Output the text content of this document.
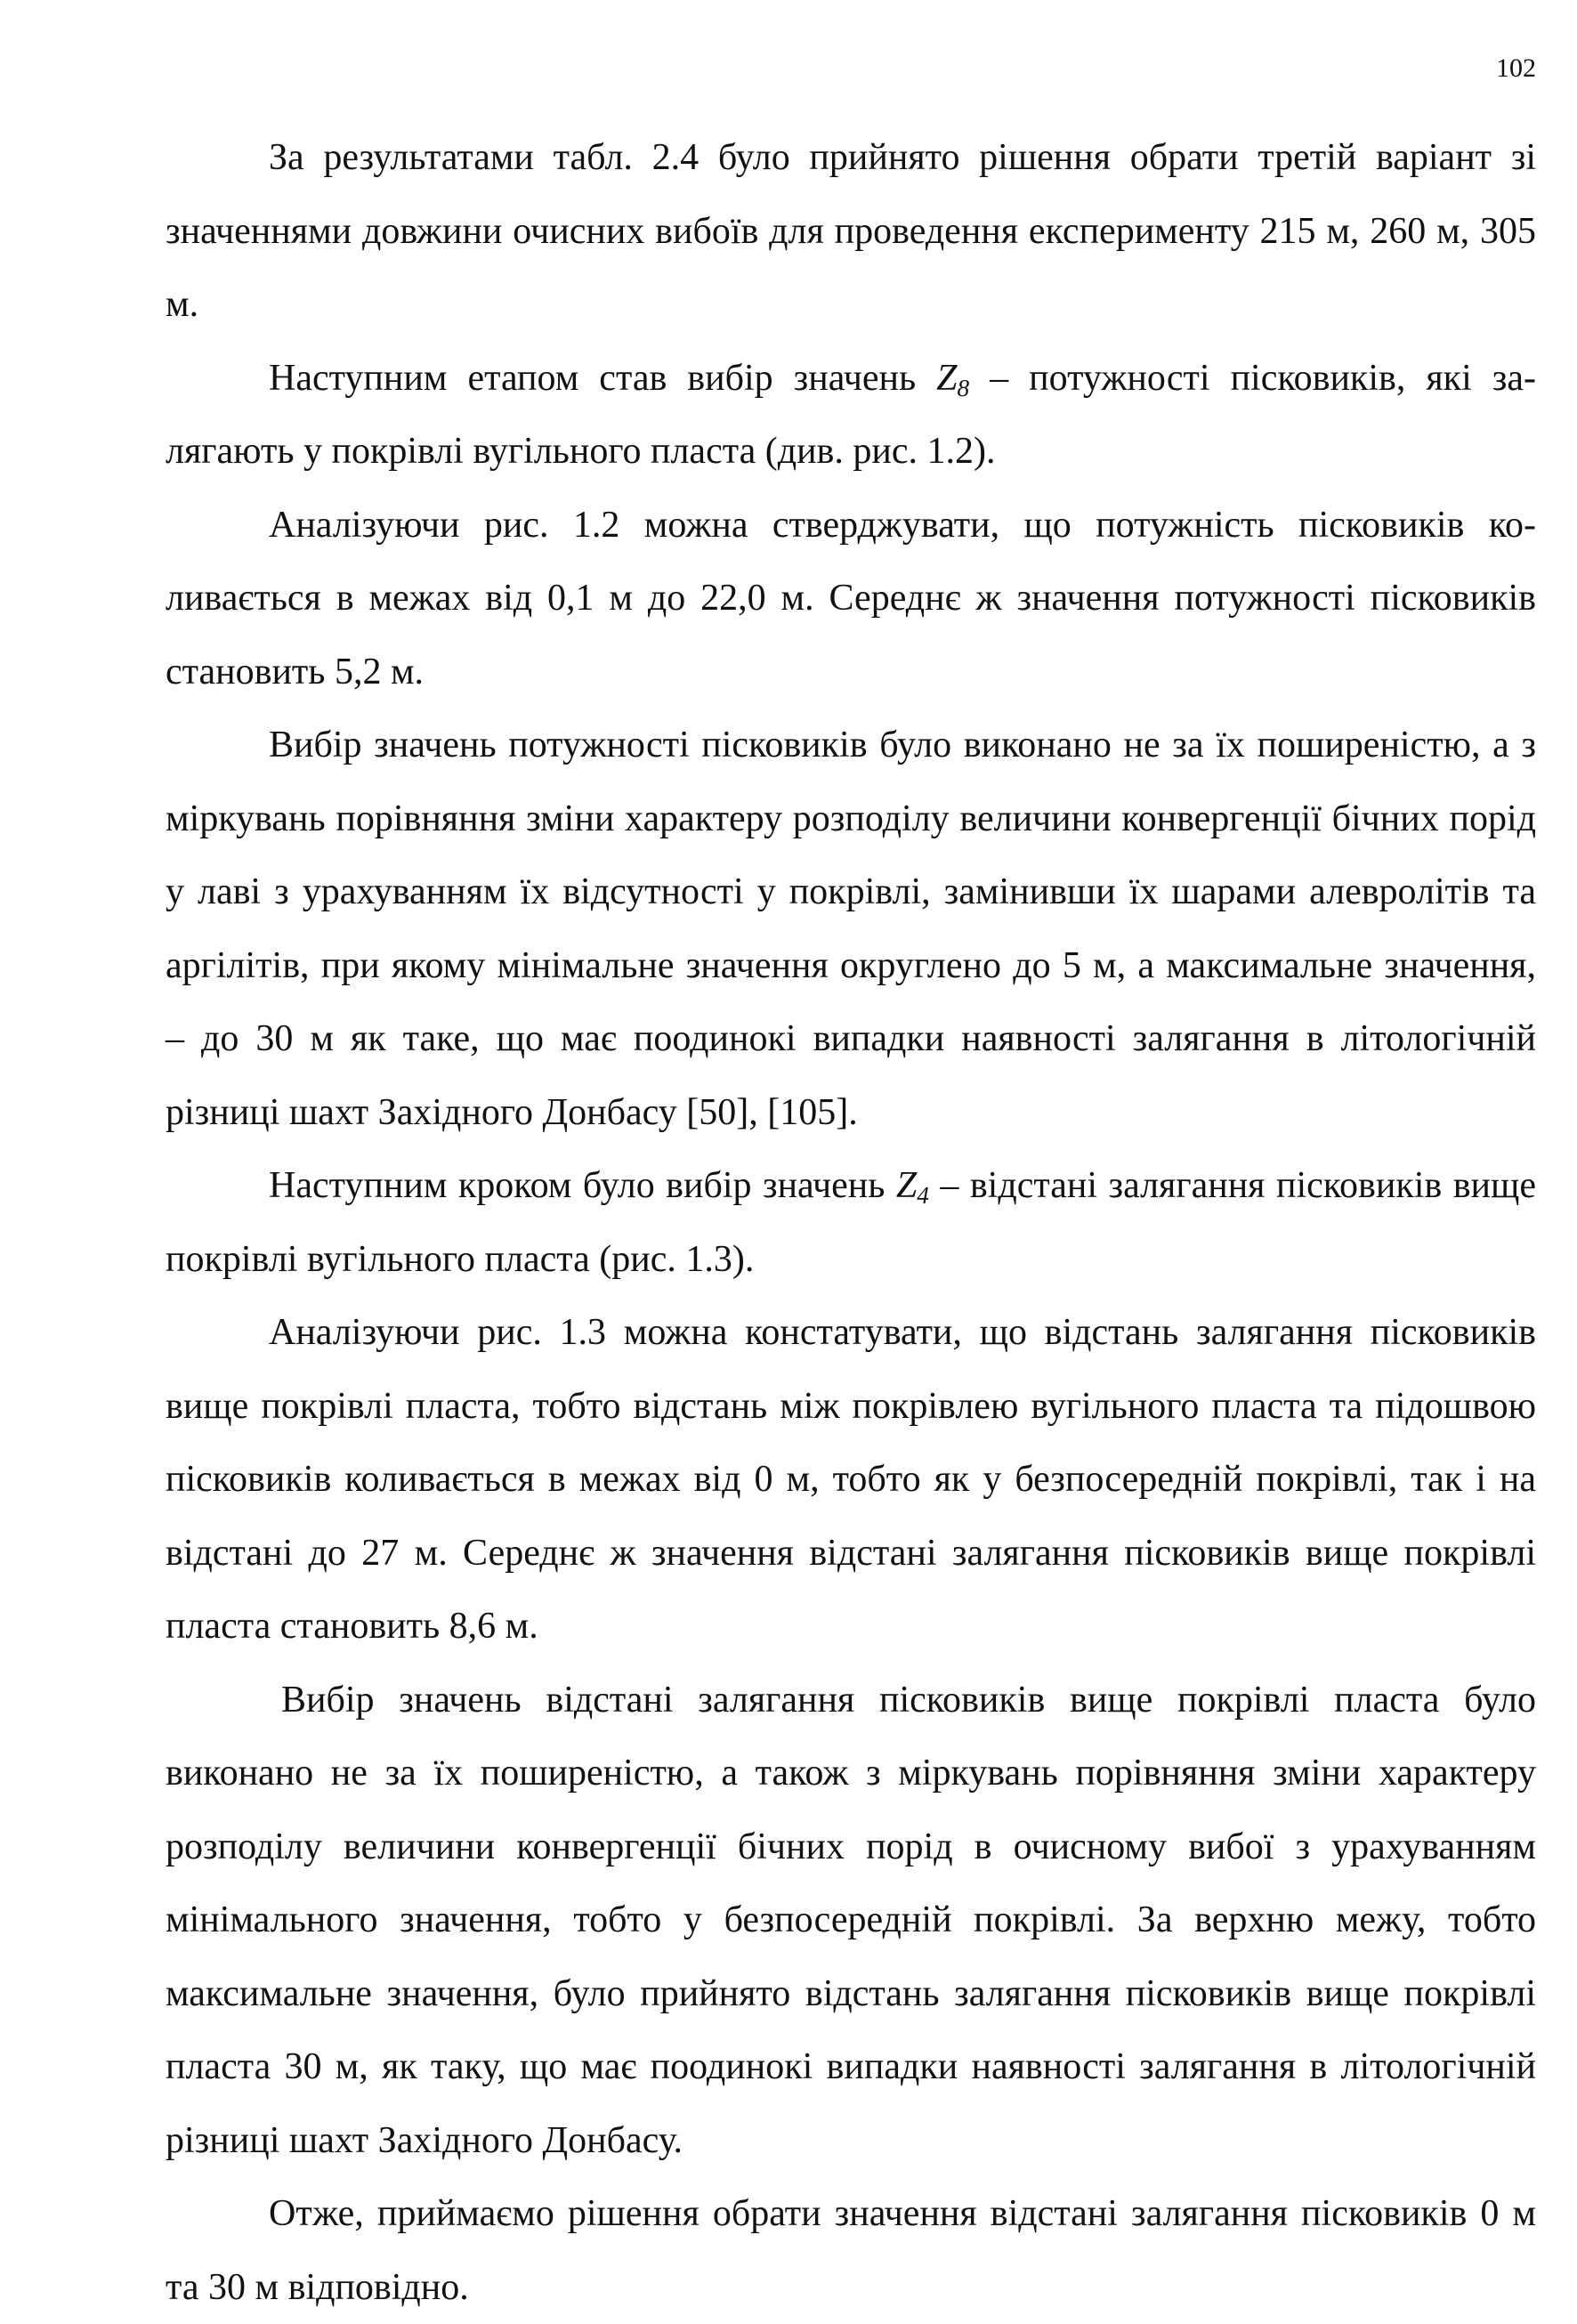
102

За результатами табл. 2.4 було прийнято рішення обрати третій варіант зі значеннями довжини очисних вибоїв для проведення експерименту 215 м, 260 м, 305 м.

Наступним етапом став вибір значень $Z_8$ – потужності пісковиків, які залягають у покрівлі вугільного пласта (див. рис. 1.2).

Аналізуючи рис. 1.2 можна стверджувати, що потужність пісковиків коливається в межах від 0,1 м до 22,0 м. Середнє ж значення потужності пісковиків становить 5,2 м.

Вибір значень потужності пісковиків було виконано не за їх поширеністю, а з міркувань порівняння зміни характеру розподілу величини конвергенції бічних порід у лаві з урахуванням їх відсутності у покрівлі, замінивши їх шарами алевролітів та аргілітів, при якому мінімальне значення округлено до 5 м, а максимальне значення, – до 30 м як таке, що має поодинокі випадки наявності залягання в літологічній різниці шахт Західного Донбасу [50], [105].

Наступним кроком було вибір значень $Z_4$ – відстані залягання пісковиків вище покрівлі вугільного пласта (рис. 1.3).

Аналізуючи рис. 1.3 можна констатувати, що відстань залягання пісковиків вище покрівлі пласта, тобто відстань між покрівлею вугільного пласта та підошвою пісковиків коливається в межах від 0 м, тобто як у безпосередній покрівлі, так і на відстані до 27 м. Середнє ж значення відстані залягання пісковиків вище покрівлі пласта становить 8,6 м.

Вибір значень відстані залягання пісковиків вище покрівлі пласта було виконано не за їх поширеністю, а також з міркувань порівняння зміни характеру розподілу величини конвергенції бічних порід в очисному вибої з урахуванням мінімального значення, тобто у безпосередній покрівлі. За верхню межу, тобто максимальне значення, було прийнято відстань залягання пісковиків вище покрівлі пласта 30 м, як таку, що має поодинокі випадки наявності залягання в літологічній різниці шахт Західного Донбасу.

Отже, приймаємо рішення обрати значення відстані залягання пісковиків 0 м та 30 м відповідно.
